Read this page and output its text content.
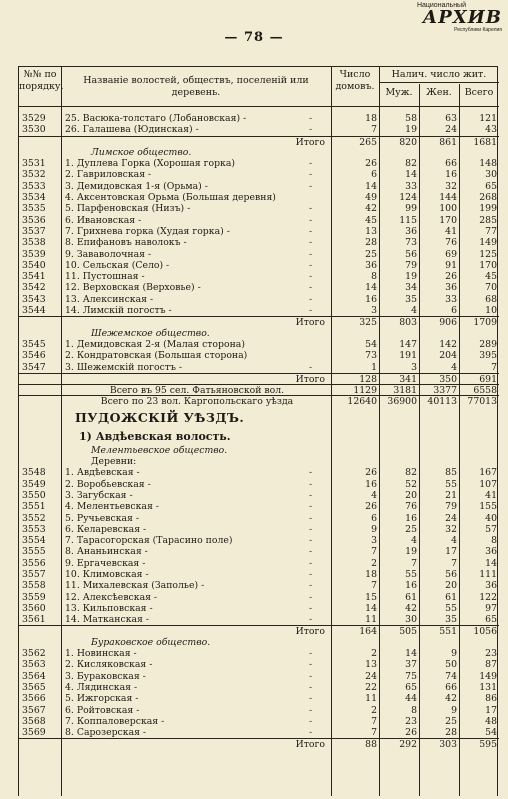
— 78 —
Национальный
АРХИВ
Республики Карелия
№№ по порядку.
Названіе волостей, обществъ, поселеній или деревень.
Число домовъ.
Налич. число жит.
Муж.	Жен.	Всего
3529	25. Васюка-толстаго (Лобановская) -	18	58	63	121
-
3530	26. Галашева (Юдинская) -	7	19	24	43
-
Итого	265	820	861	1681
Лимское общество.
3531	1. Дуплева Горка (Хорошая горка)	26	82	66	148
-
3532	2. Гавриловская -	6	14	16	30
-
3533	3. Демидовская 1-я (Орьма) -	14	33	32	65
-
3534	4. Аксентовская Орьма (Большая деревня)	49	124	144	268
3535	5. Парфеновская (Низъ) -	42	99	100	199
-
3536	6. Ивановская -	45	115	170	285
-
3537	7. Грихнева горка (Худая горка) -	13	36	41	77
-
3538	8. Епифановъ наволокъ -	28	73	76	149
-
3539	9. Зававолочная -	25	56	69	125
-
3540	10. Сельская (Село) -	36	79	91	170
-
3541	11. Пустошная -	8	19	26	45
-
3542	12. Верховская (Верховье) -	14	34	36	70
-
3543	13. Алексинская -	16	35	33	68
-
3544	14. Лимскій погостъ -	3	4	6	10
-
Итого	325	803	906	1709
Шежемское общество.
3545	1. Демидовская 2-я (Малая сторона)	54	147	142	289
3546	2. Кондратовская (Большая сторона)	73	191	204	395
3547	3. Шежемскій погостъ -	1	3	4	7
-
Итого	128	341	350	691
Всего въ 95 сел. Фатьяновской вол.	1129	3181	3377	6558
Всего по 23 вол. Каргопольскаго уѣзда	12640	36900	40113	77013
ПУДОЖСКІЙ УѢЗДЪ.
1) Авдѣевская волость.
Мелентьевское общество.
Деревни:
3548	1. Авдѣевская -	26	82	85	167
-
3549	2. Воробьевская -	16	52	55	107
-
3550	3. Загубская -	4	20	21	41
-
3551	4. Мелентьевская -	26	76	79	155
-
3552	5. Ручьевская -	6	16	24	40
-
3553	6. Келаревская -	9	25	32	57
-
3554	7. Тарасогорская (Тарасино поле)	3	4	4	8
-
3555	8. Ананьинская -	7	19	17	36
-
3556	9. Ергачевская -	2	7	7	14
-
3557	10. Климовская -	18	55	56	111
-
3558	11. Михалевская (Заполье) -	7	16	20	36
-
3559	12. Алексѣевская -	15	61	61	122
-
3560	13. Кильповская -	14	42	55	97
-
3561	14. Матканская -	11	30	35	65
-
Итого	164	505	551	1056
Бураковское общество.
3562	1. Новинская -	2	14	9	23
-
3563	2. Кисляковская -	13	37	50	87
-
3564	3. Бураковская -	24	75	74	149
-
3565	4. Лядинская -	22	65	66	131
-
3566	5. Ижгорская -	11	44	42	86
-
3567	6. Ройтовская -	2	8	9	17
-
3568	7. Коппаловерская -	7	23	25	48
-
3569	8. Сарозерская -	7	26	28	54
-
Итого	88	292	303	595
